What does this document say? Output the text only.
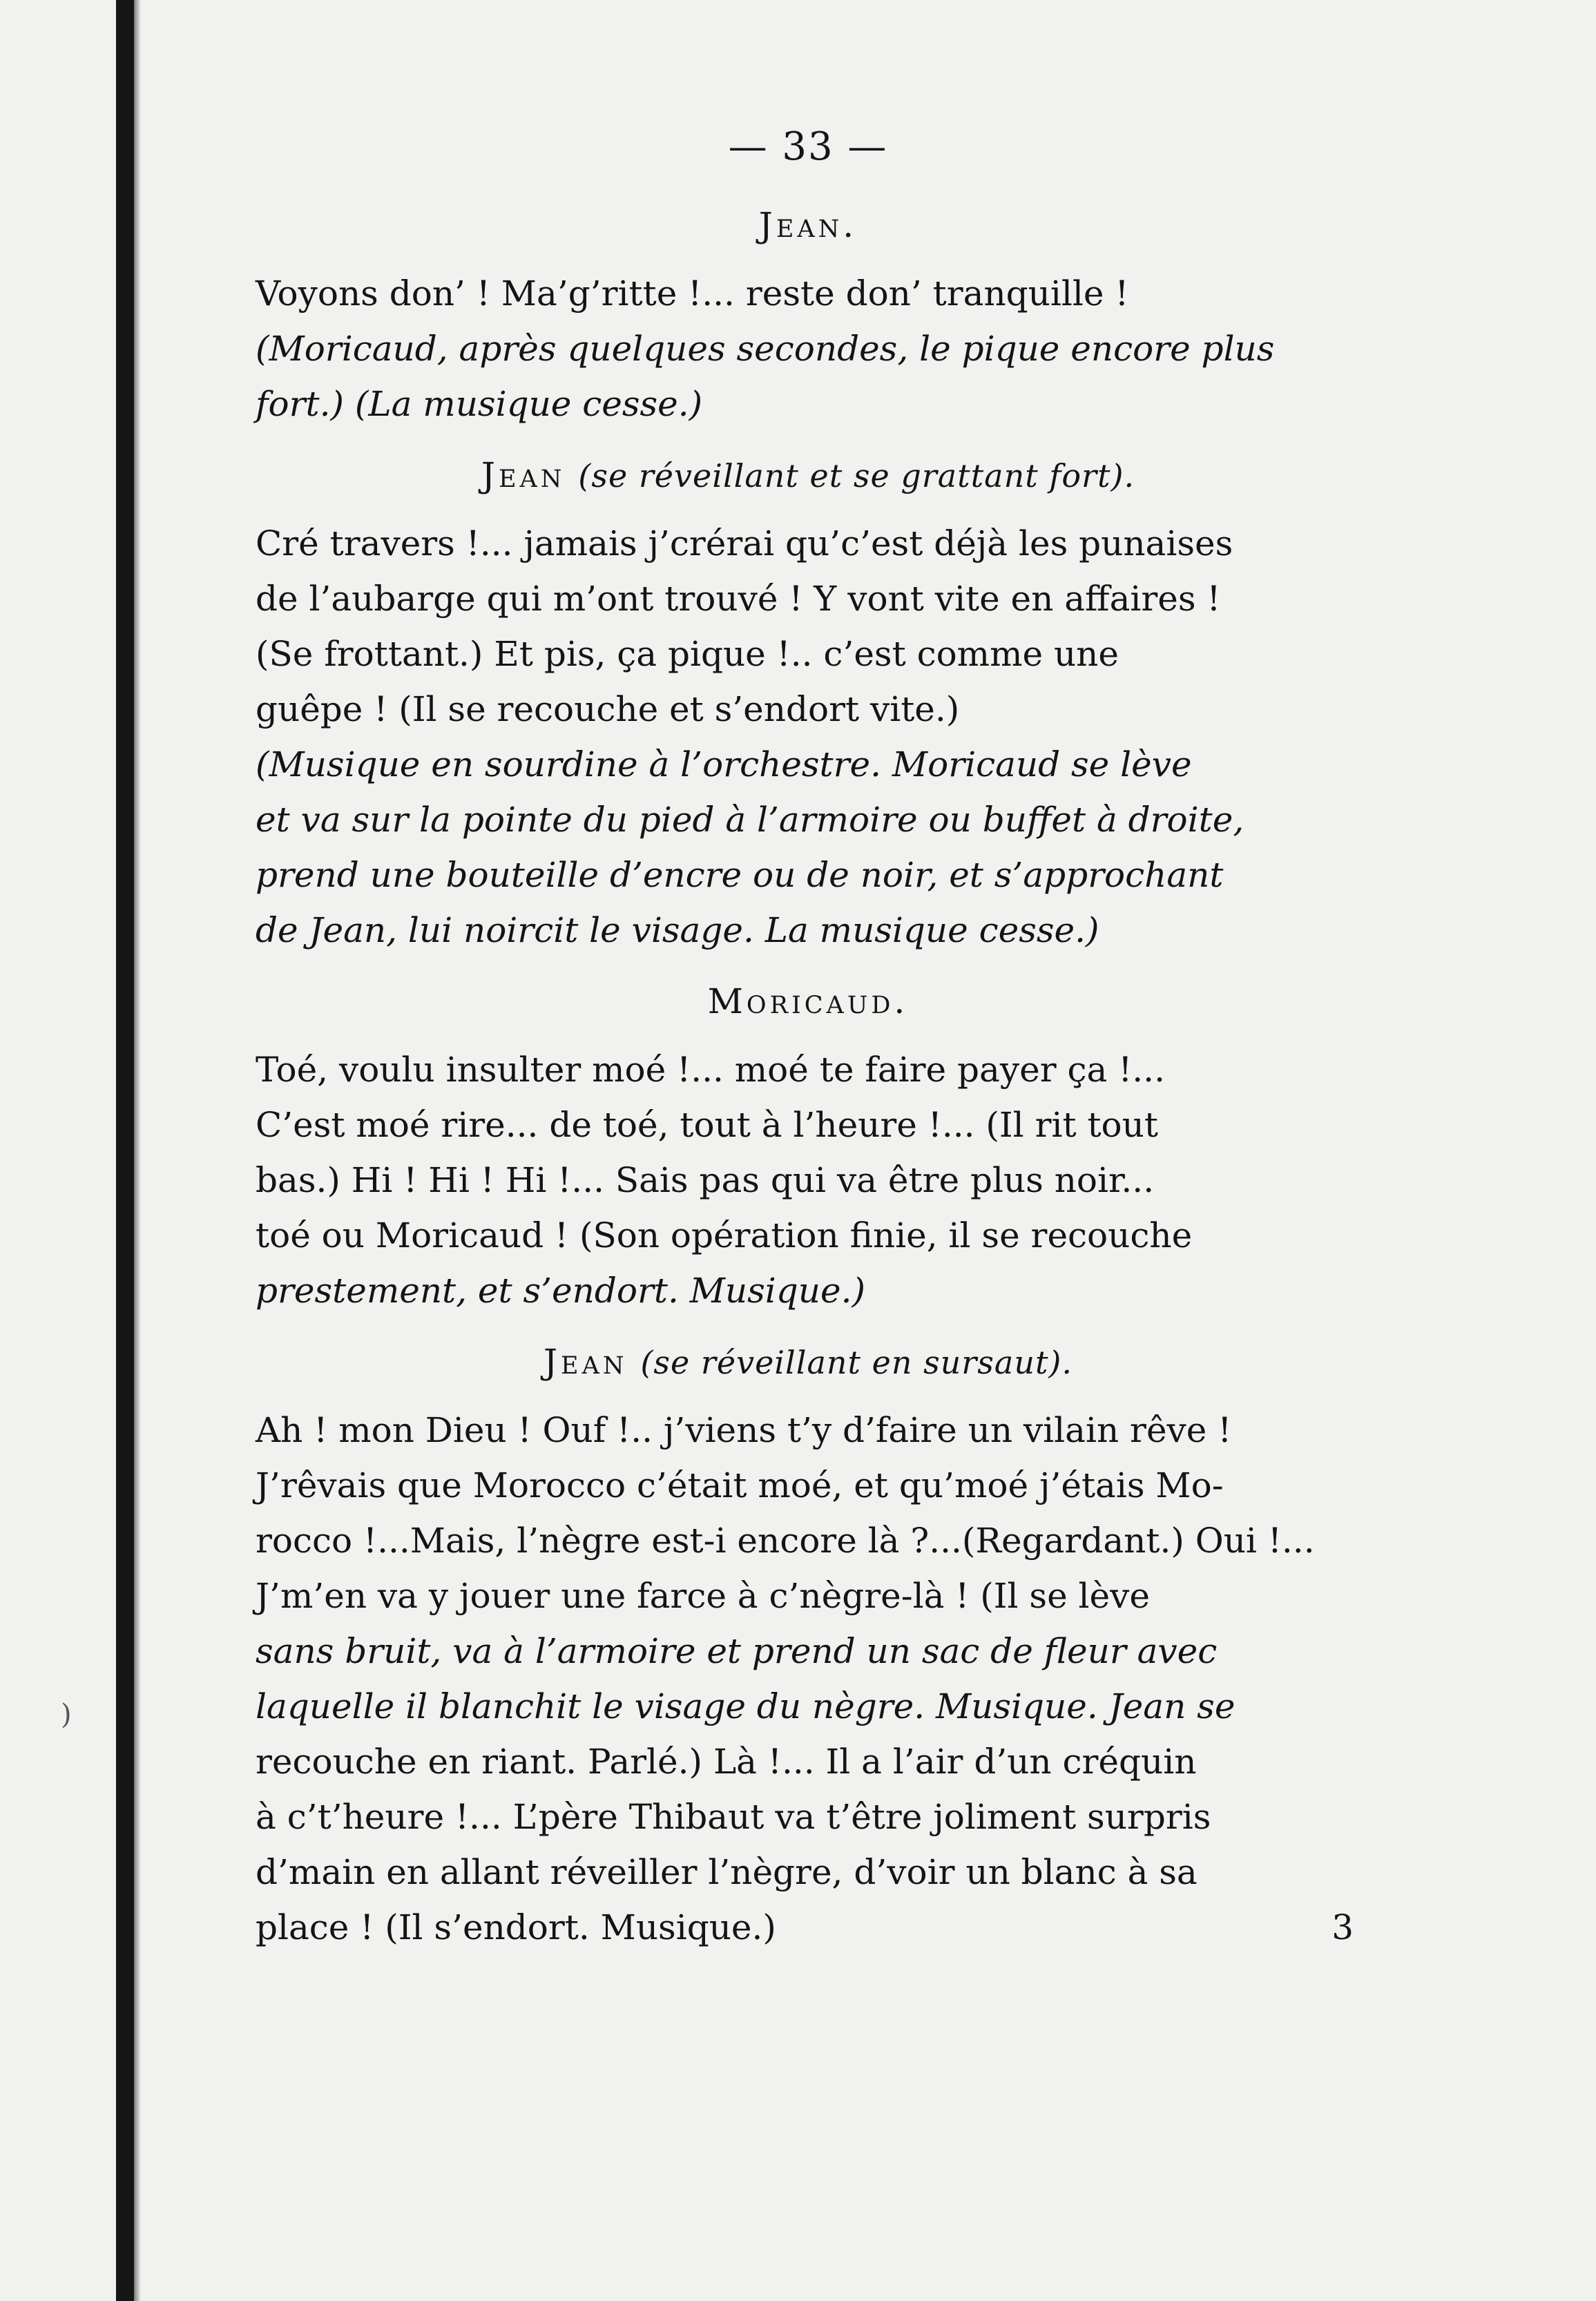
)
— 33 —
Jean.

Voyons don’ ! Ma’g’ritte !... reste don’ tranquille !

(Moricaud, après quelques secondes, le pique encore plus

fort.) (La musique cesse.)

Jean (se réveillant et se grattant fort).

Cré travers !... jamais j’crérai qu’c’est déjà les punaises

de l’aubarge qui m’ont trouvé ! Y vont vite en affaires !

(Se frottant.) Et pis, ça pique !.. c’est comme une

guêpe ! (Il se recouche et s’endort vite.)

(Musique en sourdine à l’orchestre. Moricaud se lève

et va sur la pointe du pied à l’armoire ou buffet à droite,

prend une bouteille d’encre ou de noir, et s’approchant

de Jean, lui noircit le visage. La musique cesse.)

Moricaud.

Toé, voulu insulter moé !... moé te faire payer ça !...

C’est moé rire... de toé, tout à l’heure !... (Il rit tout

bas.) Hi ! Hi ! Hi !... Sais pas qui va être plus noir...

toé ou Moricaud ! (Son opération finie, il se recouche

prestement, et s’endort. Musique.)

Jean (se réveillant en sursaut).

Ah ! mon Dieu ! Ouf !.. j’viens t’y d’faire un vilain rêve !

J’rêvais que Morocco c’était moé, et qu’moé j’étais Mo-

rocco !...Mais, l’nègre est-i encore là ?...(Regardant.) Oui !...

J’m’en va y jouer une farce à c’nègre-là ! (Il se lève

sans bruit, va à l’armoire et prend un sac de fleur avec

laquelle il blanchit le visage du nègre. Musique. Jean se

recouche en riant. Parlé.) Là !... Il a l’air d’un créquin

à c’t’heure !... L’père Thibaut va t’être joliment surpris

d’main en allant réveiller l’nègre, d’voir un blanc à sa

place ! (Il s’endort. Musique.)	3
